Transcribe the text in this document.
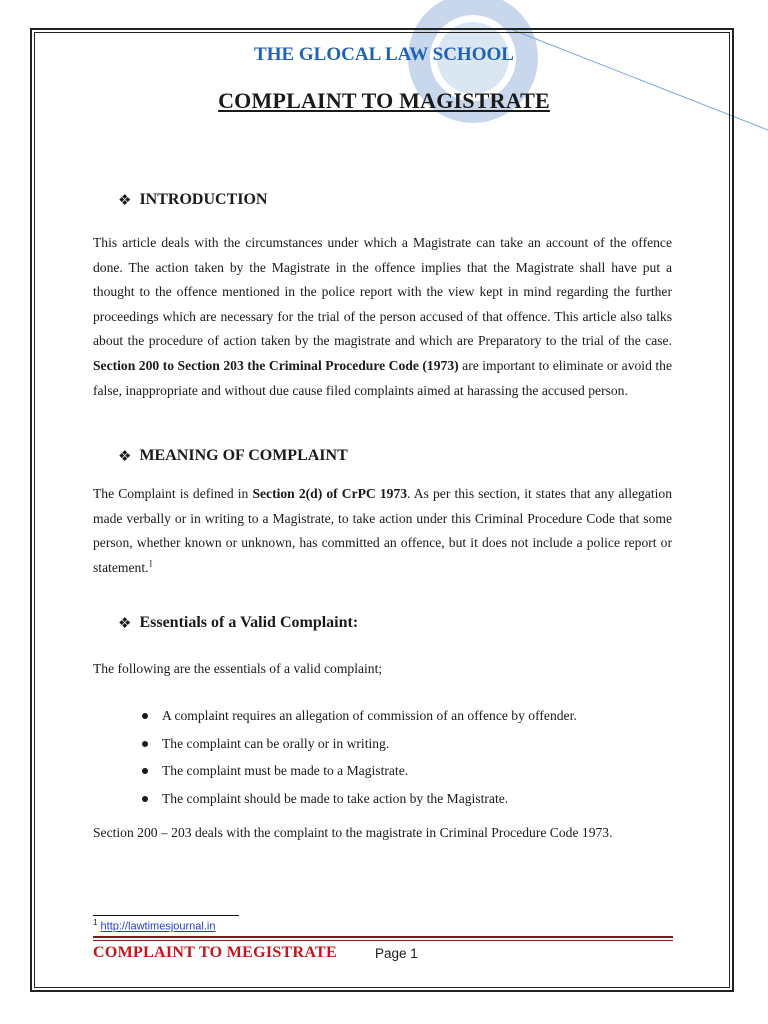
THE GLOCAL LAW SCHOOL
COMPLAINT TO MAGISTRATE
❖ INTRODUCTION

This article deals with the circumstances under which a Magistrate can take an account of the offence done. The action taken by the Magistrate in the offence implies that the Magistrate shall have put a thought to the offence mentioned in the police report with the view kept in mind regarding the further proceedings which are necessary for the trial of the person accused of that offence. This article also talks about the procedure of action taken by the magistrate and which are Preparatory to the trial of the case. Section 200 to Section 203 the Criminal Procedure Code (1973) are important to eliminate or avoid the false, inappropriate and without due cause filed complaints aimed at harassing the accused person.

❖ MEANING OF COMPLAINT

The Complaint is defined in Section 2(d) of CrPC 1973. As per this section, it states that any allegation made verbally or in writing to a Magistrate, to take action under this Criminal Procedure Code that some person, whether known or unknown, has committed an offence, but it does not include a police report or statement.$^1$

❖ Essentials of a Valid Complaint:

The following are the essentials of a valid complaint;

A complaint requires an allegation of commission of an offence by offender.
The complaint can be orally or in writing.
The complaint must be made to a Magistrate.
The complaint should be made to take action by the Magistrate.

Section 200 – 203 deals with the complaint to the magistrate in Criminal Procedure Code 1973.

$^1$ http://lawtimesjournal.in
COMPLAINT TO MEGISTRATE	Page 1
